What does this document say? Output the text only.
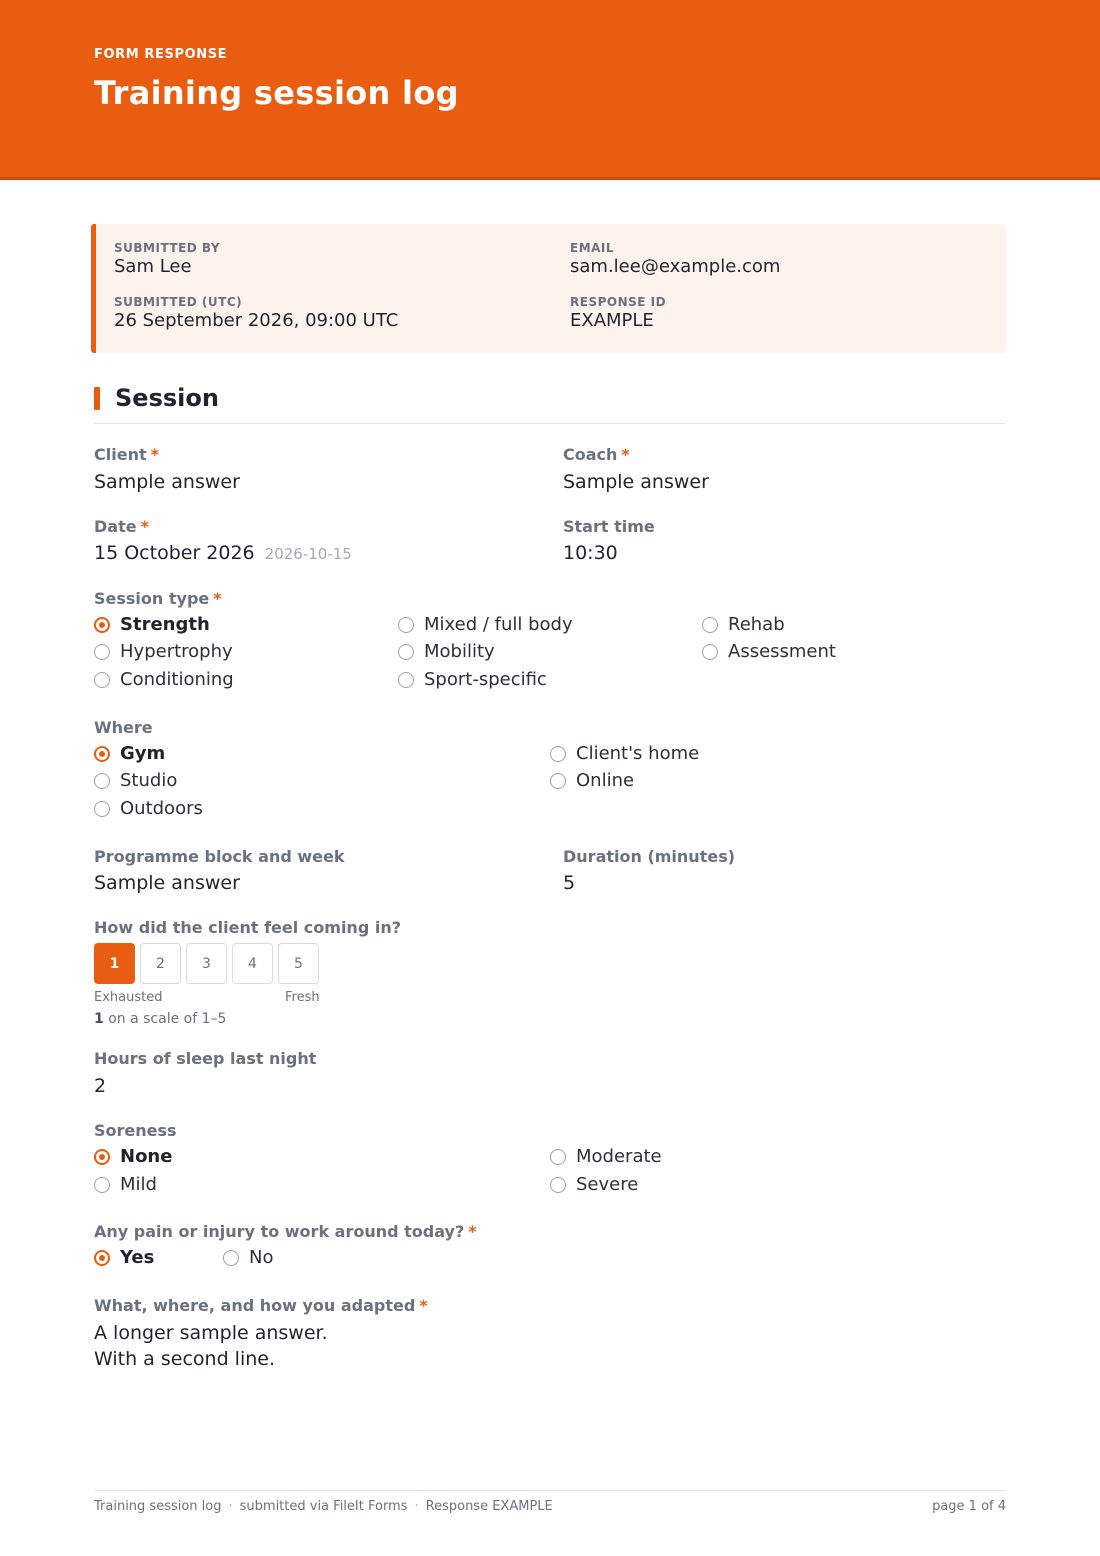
FORM RESPONSE
Training session log
SUBMITTED BY
Sam Lee
EMAIL
sam.lee@example.com
SUBMITTED (UTC)
26 September 2026, 09:00 UTC
RESPONSE ID
EXAMPLE
Session
Client *
Sample answer
Coach *
Sample answer
Date *
15 October 2026 2026-10-15
Start time
10:30
Session type *
Strength
Hypertrophy
Conditioning
Mixed / full body
Mobility
Sport-specific
Rehab
Assessment
Where
Gym
Studio
Outdoors
Client's home
Online
Programme block and week
Sample answer
Duration (minutes)
5
How did the client feel coming in?
1	2	3	4	5
Exhausted	Fresh
1 on a scale of 1–5
Hours of sleep last night
2
Soreness
None
Mild
Moderate
Severe
Any pain or injury to work around today? *
Yes	No
What, where, and how you adapted *
A longer sample answer.
With a second line.
Training session log · submitted via FileIt Forms · Response EXAMPLE	page 1 of 4
